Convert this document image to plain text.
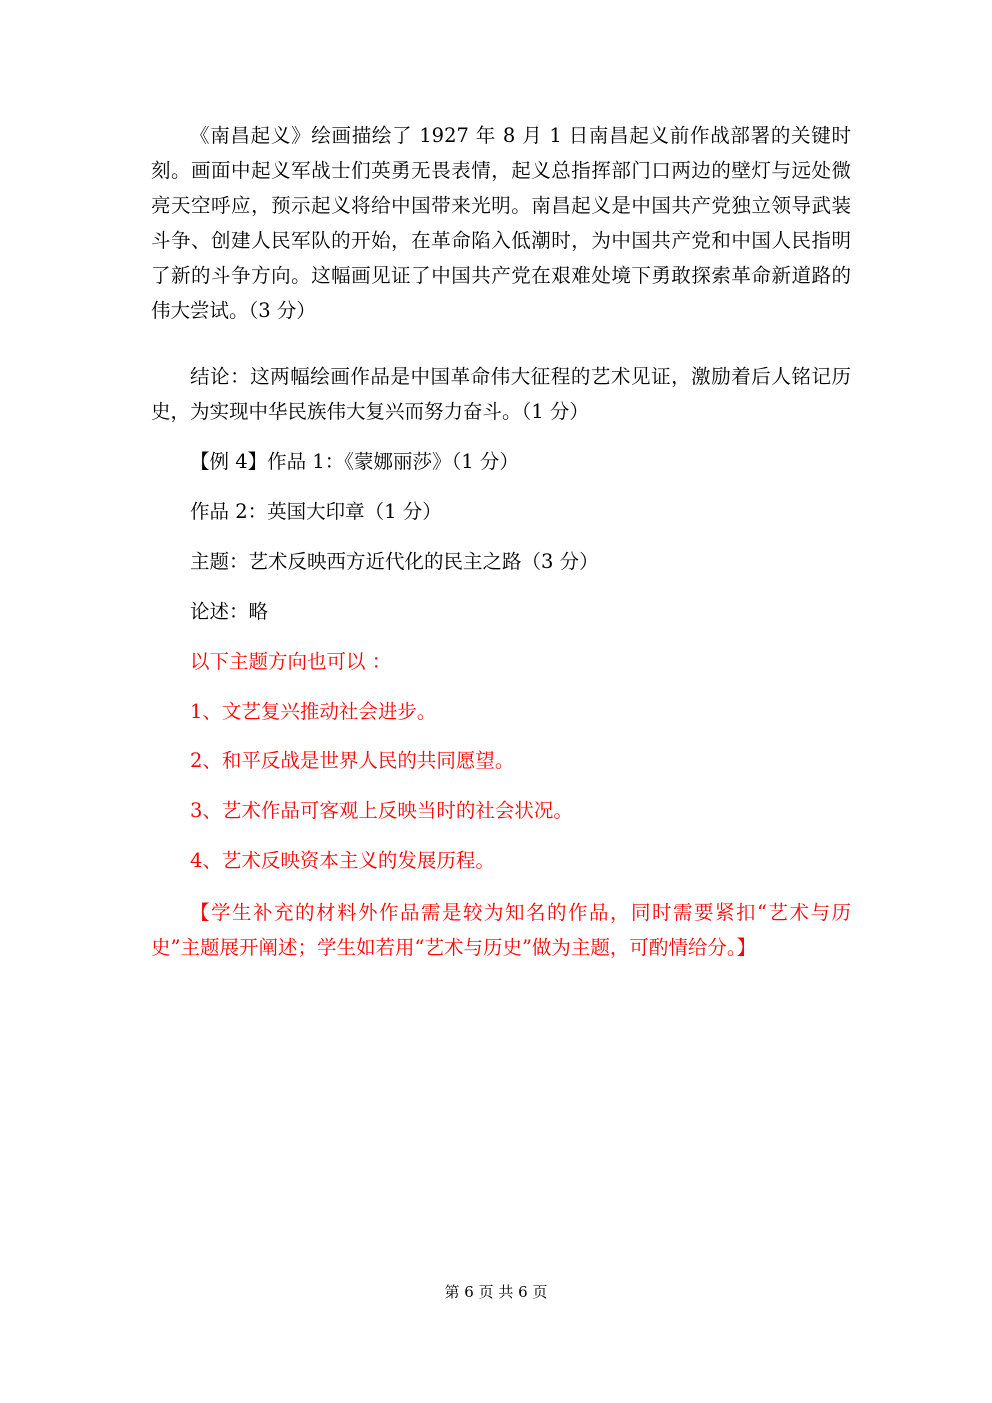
《南昌起义》绘画描绘了 1927 年 8 月 1 日南昌起义前作战部署的关键时刻。画面中起义军战士们英勇无畏表情，起义总指挥部门口两边的壁灯与远处微亮天空呼应，预示起义将给中国带来光明。南昌起义是中国共产党独立领导武装斗争、创建人民军队的开始，在革命陷入低潮时，为中国共产党和中国人民指明了新的斗争方向。这幅画见证了中国共产党在艰难处境下勇敢探索革命新道路的伟大尝试。（3 分）

结论：这两幅绘画作品是中国革命伟大征程的艺术见证，激励着后人铭记历史，为实现中华民族伟大复兴而努力奋斗。（1 分）

【例 4】作品 1：《蒙娜丽莎》（1 分）

作品 2：英国大印章（1 分）

主题：艺术反映西方近代化的民主之路（3 分）

论述：略

以下主题方向也可以 ：

1、文艺复兴推动社会进步。

2、和平反战是世界人民的共同愿望。

3、艺术作品可客观上反映当时的社会状况。

4、艺术反映资本主义的发展历程。

【学生补充的材料外作品需是较为知名的作品，同时需要紧扣“艺术与历史”主题展开阐述；学生如若用“艺术与历史”做为主题，可酌情给分。】

第 6 页 共 6 页
